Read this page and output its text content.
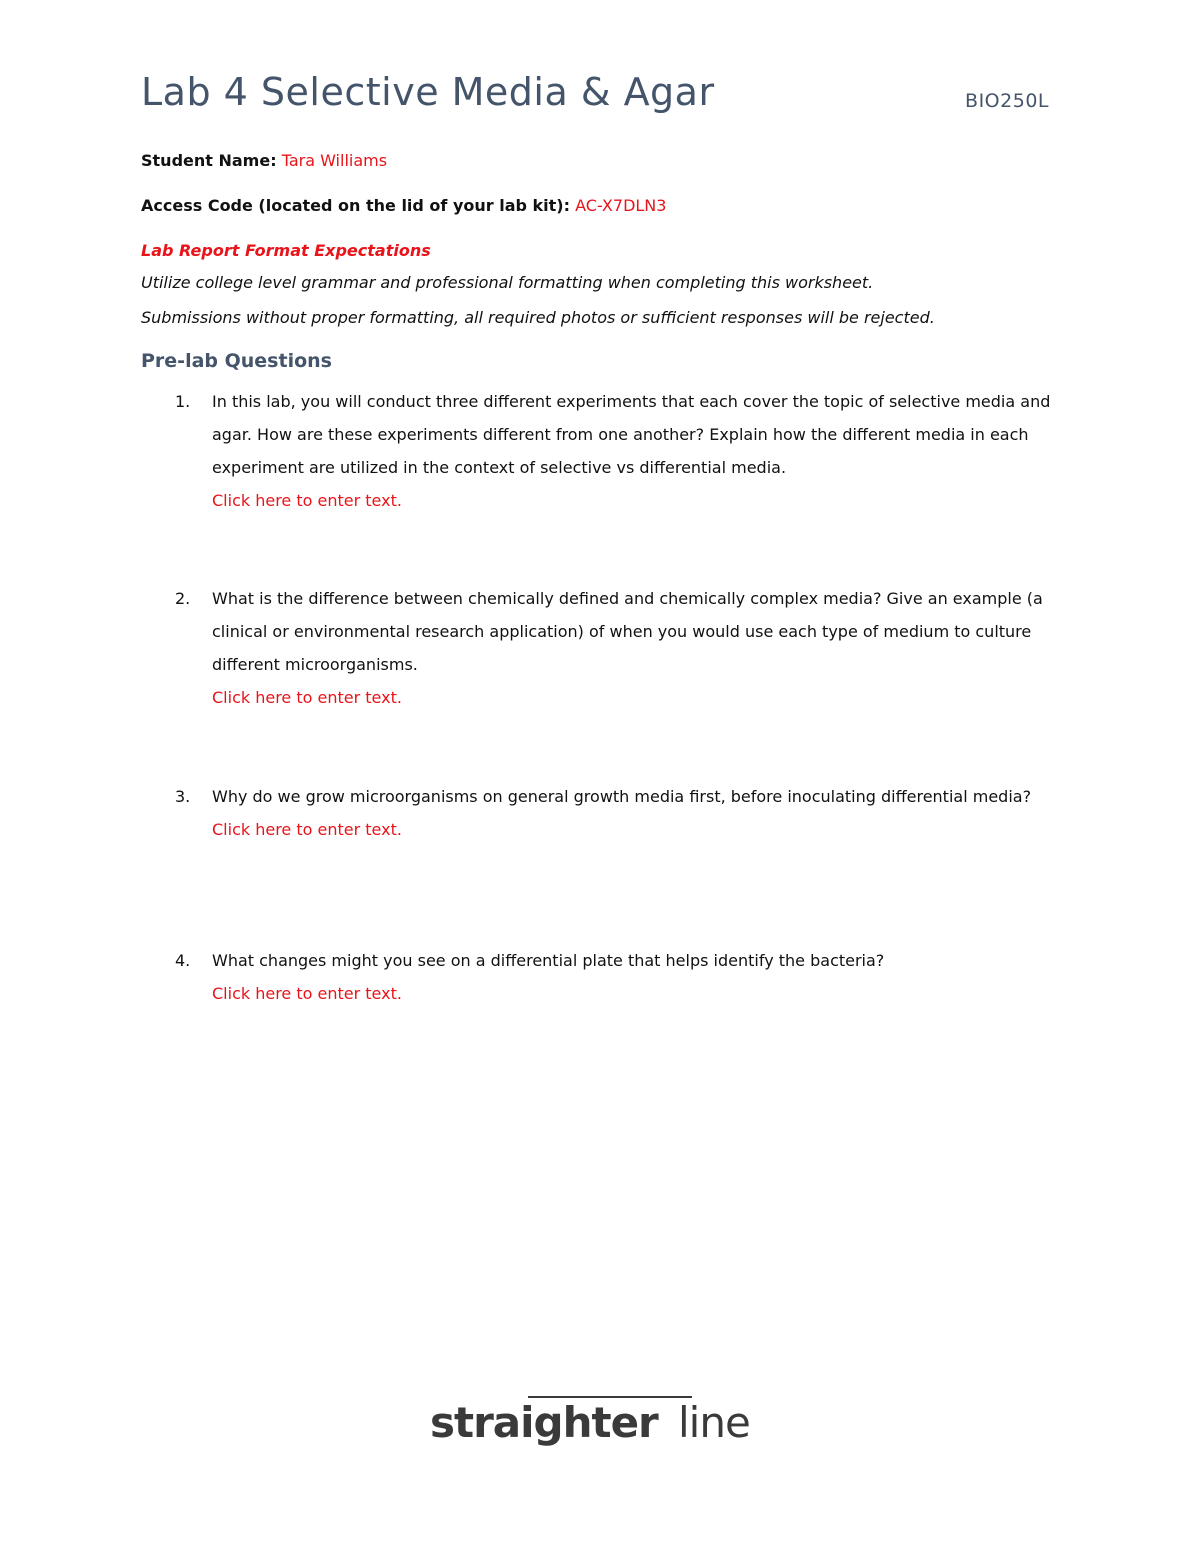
Lab 4 Selective Media & Agar	BIO250L
Student Name: Tara Williams
Access Code (located on the lid of your lab kit): AC-X7DLN3
Lab Report Format Expectations
Utilize college level grammar and professional formatting when completing this worksheet.
Submissions without proper formatting, all required photos or sufficient responses will be rejected.
Pre-lab Questions
1. In this lab, you will conduct three different experiments that each cover the topic of selective media and agar. How are these experiments different from one another? Explain how the different media in each experiment are utilized in the context of selective vs differential media.
Click here to enter text.
2. What is the difference between chemically defined and chemically complex media? Give an example (a clinical or environmental research application) of when you would use each type of medium to culture different microorganisms.
Click here to enter text.
3. Why do we grow microorganisms on general growth media first, before inoculating differential media?
Click here to enter text.
4. What changes might you see on a differential plate that helps identify the bacteria?
Click here to enter text.
straighter line
